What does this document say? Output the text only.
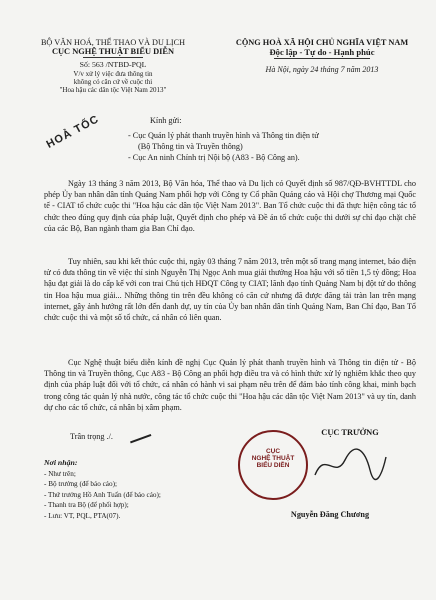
BỘ VĂN HOÁ, THỂ THAO VÀ DU LỊCH
CỤC NGHỆ THUẬT BIỂU DIỄN
Số: 563 /NTBD-PQL
V/v xử lý việc đưa thông tin
không có căn cứ về cuộc thi
"Hoa hậu các dân tộc Việt Nam 2013"
CỘNG HOÀ XÃ HỘI CHỦ NGHĨA VIỆT NAM
Độc lập - Tự do - Hạnh phúc
Hà Nội, ngày 24 tháng 7 năm 2013
HOẢ TỐC	Kính gửi:
- Cục Quản lý phát thanh truyền hình và Thông tin điện tử
(Bộ Thông tin và Truyền thông)
- Cục An ninh Chính trị Nội bộ (A83 - Bộ Công an).
Ngày 13 tháng 3 năm 2013, Bộ Văn hóa, Thể thao và Du lịch có Quyết định số 987/QĐ-BVHTTDL cho phép Ủy ban nhân dân tỉnh Quảng Nam phối hợp với Công ty Cổ phần Quảng cáo và Hội chợ Thương mại Quốc tế - CIAT tổ chức cuộc thi "Hoa hậu các dân tộc Việt Nam 2013". Ban Tổ chức cuộc thi đã thực hiện công tác tổ chức theo đúng quy định của pháp luật, Quyết định cho phép và Đề án tổ chức cuộc thi dưới sự chỉ đạo chặt chẽ của các Bộ, Ban ngành tham gia Ban Chỉ đạo.
Tuy nhiên, sau khi kết thúc cuộc thi, ngày 03 tháng 7 năm 2013, trên một số trang mạng internet, báo điện tử có đưa thông tin về việc thí sinh Nguyễn Thị Ngọc Anh mua giải thưởng Hoa hậu với số tiền 1,5 tỷ đồng; Hoa hậu đạt giải là do cấp kế với con trai Chủ tịch HĐQT Công ty CIAT; lãnh đạo tỉnh Quảng Nam bị đột tử do thông tin Hoa hậu mua giải... Những thông tin trên đều không có căn cứ nhưng đã được đăng tải tràn lan trên mạng internet, gây ảnh hưởng rất lớn đến danh dự, uy tín của Ủy ban nhân dân tỉnh Quảng Nam, Ban Chỉ đạo, Ban Tổ chức cuộc thi và một số tổ chức, cá nhân có liên quan.
Cục Nghệ thuật biểu diễn kính đề nghị Cục Quản lý phát thanh truyền hình và Thông tin điện tử - Bộ Thông tin và Truyền thông, Cục A83 - Bộ Công an phối hợp điều tra và có hình thức xử lý nghiêm khắc theo quy định của pháp luật đối với tổ chức, cá nhân có hành vi sai phạm nêu trên để đảm bảo tính công khai, minh bạch trong công tác quản lý nhà nước, công tác tổ chức cuộc thi "Hoa hậu các dân tộc Việt Nam 2013" và uy tín, danh dự cho các tổ chức, cá nhân bị xâm phạm.
Trân trọng ./.
Nơi nhận:
- Như trên;
- Bộ trưởng (để báo cáo);
- Thứ trưởng Hồ Anh Tuấn (để báo cáo);
- Thanh tra Bộ (để phối hợp);
- Lưu: VT, PQL, PTA(07).
CỤC
NGHỆ THUẬT
BIỂU DIỄN
CỤC TRƯỞNG
Nguyễn Đăng Chương
